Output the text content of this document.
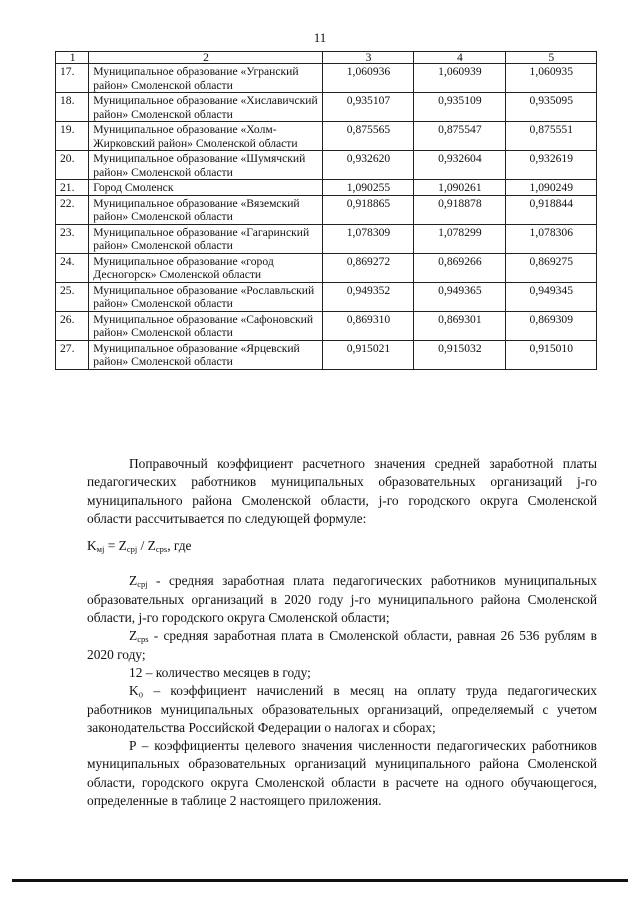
11
1	2	3	4	5
17.	Муниципальное образование «Угранский район» Смоленской области	1,060936	1,060939	1,060935
18.	Муниципальное образование «Хиславичский район» Смоленской области	0,935107	0,935109	0,935095
19.	Муниципальное образование «Холм-Жирковский район» Смоленской области	0,875565	0,875547	0,875551
20.	Муниципальное образование «Шумячский район» Смоленской области	0,932620	0,932604	0,932619
21.	Город Смоленск	1,090255	1,090261	1,090249
22.	Муниципальное образование «Вяземский район» Смоленской области	0,918865	0,918878	0,918844
23.	Муниципальное образование «Гагаринский район» Смоленской области	1,078309	1,078299	1,078306
24.	Муниципальное образование «город Десногорск» Смоленской области	0,869272	0,869266	0,869275
25.	Муниципальное образование «Рославльский район» Смоленской области	0,949352	0,949365	0,949345
26.	Муниципальное образование «Сафоновский район» Смоленской области	0,869310	0,869301	0,869309
27.	Муниципальное образование «Ярцевский район» Смоленской области	0,915021	0,915032	0,915010

Поправочный коэффициент расчетного значения средней заработной платы педагогических работников муниципальных образовательных организаций j-го муниципального района Смоленской области, j-го городского округа Смоленской области рассчитывается по следующей формуле:

$K_{мj} = Z_{срj} / Z_{срs}$, где

$Z_{срj}$ - средняя заработная плата педагогических работников муниципальных образовательных организаций в 2020 году j-го муниципального района Смоленской области, j-го городского округа Смоленской области;

$Z_{срs}$ - средняя заработная плата в Смоленской области, равная 26 536 рублям в 2020 году;

12 – количество месяцев в году;

K₀ – коэффициент начислений в месяц на оплату труда педагогических работников муниципальных образовательных организаций, определяемый с учетом законодательства Российской Федерации о налогах и сборах;

P – коэффициенты целевого значения численности педагогических работников муниципальных образовательных организаций муниципального района Смоленской области, городского округа Смоленской области в расчете на одного обучающегося, определенные в таблице 2 настоящего приложения.
